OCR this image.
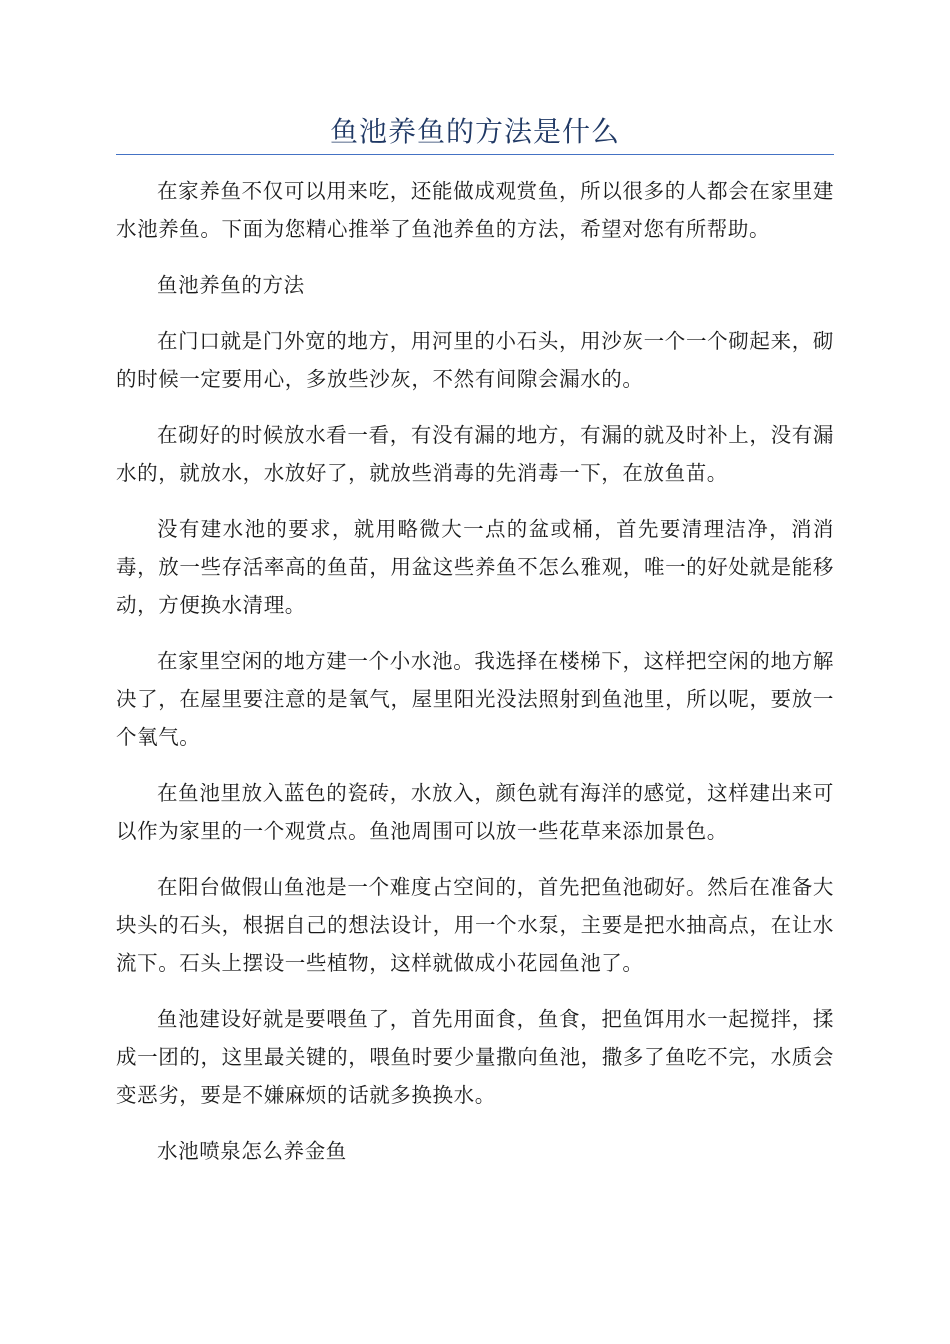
鱼池养鱼的方法是什么

在家养鱼不仅可以用来吃，还能做成观赏鱼，所以很多的人都会在家里建水池养鱼。下面为您精心推举了鱼池养鱼的方法，希望对您有所帮助。

鱼池养鱼的方法

在门口就是门外宽的地方，用河里的小石头，用沙灰一个一个砌起来，砌的时候一定要用心，多放些沙灰，不然有间隙会漏水的。

在砌好的时候放水看一看，有没有漏的地方，有漏的就及时补上，没有漏水的，就放水，水放好了，就放些消毒的先消毒一下，在放鱼苗。

没有建水池的要求，就用略微大一点的盆或桶，首先要清理洁净，消消毒，放一些存活率高的鱼苗，用盆这些养鱼不怎么雅观，唯一的好处就是能移动，方便换水清理。

在家里空闲的地方建一个小水池。我选择在楼梯下，这样把空闲的地方解决了，在屋里要注意的是氧气，屋里阳光没法照射到鱼池里，所以呢，要放一个氧气。

在鱼池里放入蓝色的瓷砖，水放入，颜色就有海洋的感觉，这样建出来可以作为家里的一个观赏点。鱼池周围可以放一些花草来添加景色。

在阳台做假山鱼池是一个难度占空间的，首先把鱼池砌好。然后在准备大块头的石头，根据自己的想法设计，用一个水泵，主要是把水抽高点，在让水流下。石头上摆设一些植物，这样就做成小花园鱼池了。

鱼池建设好就是要喂鱼了，首先用面食，鱼食，把鱼饵用水一起搅拌，揉成一团的，这里最关键的，喂鱼时要少量撒向鱼池，撒多了鱼吃不完，水质会变恶劣，要是不嫌麻烦的话就多换换水。

水池喷泉怎么养金鱼
